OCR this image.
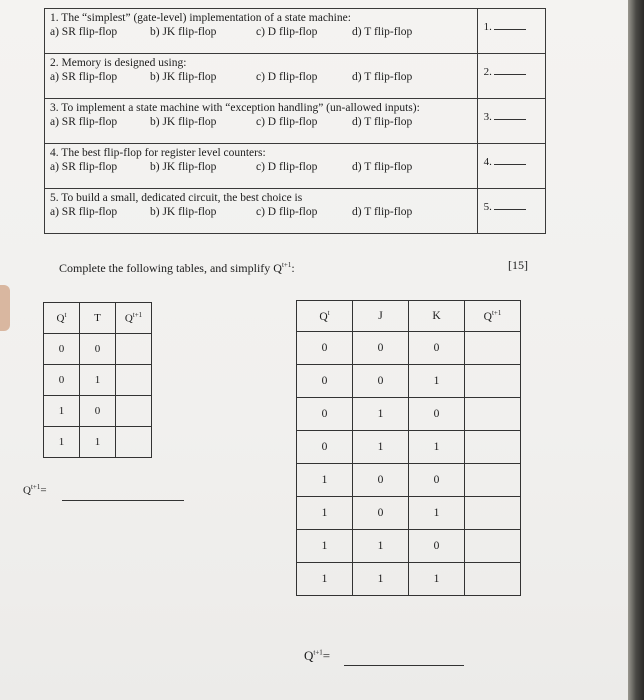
1. The “simplest” (gate-level) implementation of a state machine:
a) SR flip-flop b) JK flip-flop c) D flip-flop d) T flip-flop	1.

2. Memory is designed using:
a) SR flip-flop b) JK flip-flop c) D flip-flop d) T flip-flop	2.

3. To implement a state machine with “exception handling” (un-allowed inputs):
a) SR flip-flop b) JK flip-flop c) D flip-flop d) T flip-flop	3.

4. The best flip-flop for register level counters:
a) SR flip-flop b) JK flip-flop c) D flip-flop d) T flip-flop	4.

5. To build a small, dedicated circuit, the best choice is
a) SR flip-flop b) JK flip-flop c) D flip-flop d) T flip-flop	5.
Complete the following tables, and simplify $Q^{t+1}$:	[15]
$Q^t$	T	$Q^{t+1}$
0	0	
0	1	
1	0	
1	1	
$Q^t$	J	K	$Q^{t+1}$
0	0	0	
0	0	1	
0	1	0	
0	1	1	
1	0	0	
1	0	1	
1	1	0	
1	1	1	
$Q^{t+1}=$
$Q^{t+1}=$
